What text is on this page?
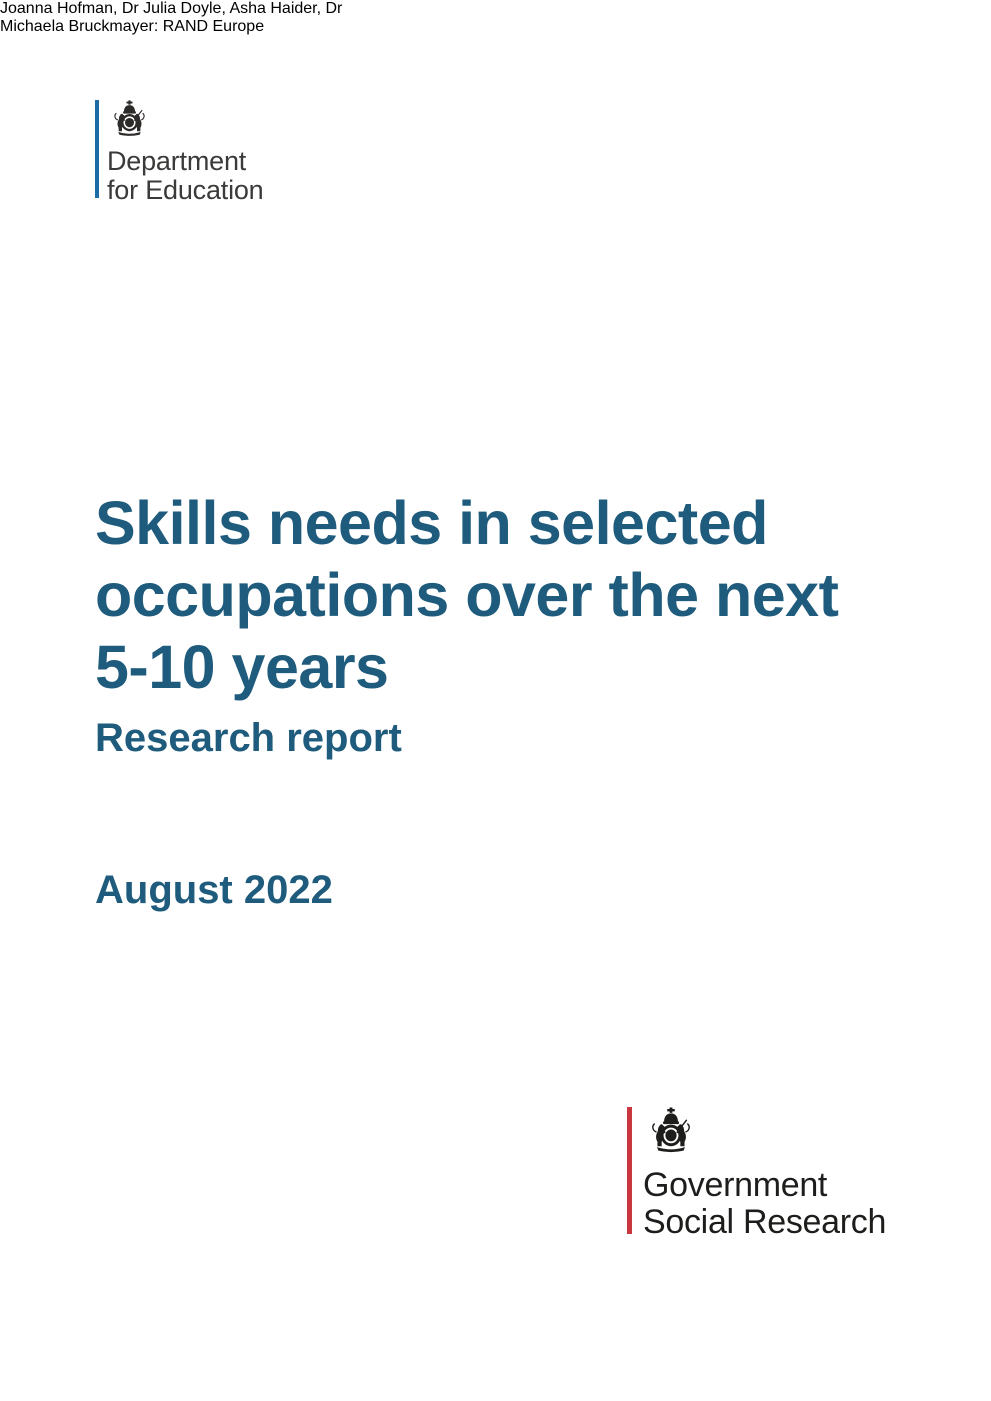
Department
for Education
Skills needs in selected
occupations over the next
5-10 years
Research report
August 2022

Joanna Hofman, Dr Julia Doyle, Asha Haider, Dr
Michaela Bruckmayer: RAND Europe

Government
Social Research
